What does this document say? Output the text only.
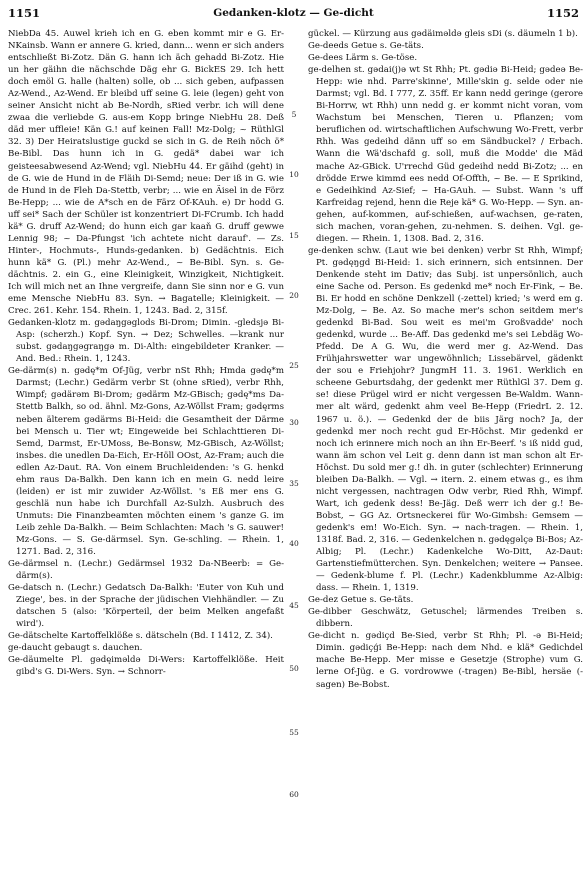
1151	Gedanken-klotz — Ge-dicht	1152

NiebDa 45. Auwel krieh ich en G. eben kommt mir e G. Er-NKainsb. Wann er annere G. kried, dann... wenn er sich anders entschließt Bi-Zotz. Dän G. hann ich äch gehadd Bi-Zotz. Hie un her gäihn die nächschde Däg ehr G. BickES 29. Ich hett doch emöl G. halle (halten) solle, ob ... sich geben, aufpassen Az-Wend., Az-Wend. Er bleibd uff seine G. leie (legen) geht von seiner Ansicht nicht ab Be-Nordh, sRied verbr. ich will dene zwaa die verliebde G. aus-em Kopp bringe NiebHu 28. Deß däd mer uffleie! Kän G.! auf keinen Fall! Mz-Dolg; ~ RüthlGl 32. 3) Der Heiratslustige guckd se sich in G. de Reih nöch ö* Be-Bibl. Das hunn ich in G. gedä* dabei war ich geisteesabwesend Az-Wend; vgl. NiebHu 44. Er gäihd (geht) in de G. wie de Hund in de Fläih Di-Semd; neue: Der iß in G. wie de Hund in de Fleh Da-Stettb, verbr; ... wie en Äisel in de Förz Be-Hepp; ... wie de A*sch en de Färz Of-KAuh. e) Dr hodd G. uff sei* Sach der Schüler ist konzentriert Di-FCrumb. Ich hadd kä* G. druff Az-Wend; do hunn eich gar kaaň G. druff gewwe Lennig 98; ~ Da-Pfungst 'ich achtete nicht darauf'. — Zs. Hinter-, Hochmuts-, Hunds-gedanken. b) Gedächtnis. Eich hunn kä* G. (Pl.) mehr Az-Wend., ~ Be-Bibl. Syn. s. Ge-dächtnis. 2. ein G., eine Kleinigkeit, Winzigkeit, Nichtigkeit. Ich will mich net an Ihne vergreife, dann Sie sinn nor e G. vun eme Mensche NiebHu 83. Syn. → Bagatelle; Kleinigkeit. — Crec. 261. Kehr. 154. Rhein. 1, 1243. Bad. 2, 315f.

Gedanken-klotz m. gədaŋgəglods Bi-Drom; Dimin. -gledsjə Bi-Asp: (scherzh.) Kopf. Syn. → Dez; Schwelles. —krank nur subst. gədaŋgəgraŋgə m. Di-Alth: eingebildeter Kranker. — And. Bed.: Rhein. 1, 1243.

Ge-därm(s) n. gədę*m Of-Jüg, verbr nSt Rhh; Hmda gədę*m Darmst; (Lechr.) Gedärm verbr St (ohne sRied), verbr Rhh, Wimpf; gədärəm Bi-Drom; gədärm Mz-GBisch; gədę*ms Da-Stettb Balkh, so od. ähnl. Mz-Gons, Az-Wöllst Fram; gədęrms neben älterem gədärms Bi-Heid: die Gesamtheit der Därme bei Mensch u. Tier wt; Eingeweide bei Schlachttieren Di-Semd, Darmst, Er-UMoss, Be-Bonsw, Mz-GBisch, Az-Wöllst; insbes. die unedlen Da-Eich, Er-Höll OOst, Az-Fram; auch die edlen Az-Daut. RA. Von einem Bruchleidenden: 's G. henkd ehm raus Da-Balkh. Den kann ich en mein G. nedd leire (leiden) er ist mir zuwider Az-Wöllst. 's Eß mer ens G. geschlä nun habe ich Durchfall Az-Sulzh. Ausbruch des Unmuts: Die Finanzbeamten möchten einem 's ganze G. im Leib zehle Da-Balkh. — Beim Schlachten: Mach 's G. sauwer! Mz-Gons. — S. Ge-därmsel. Syn. Ge-schling. — Rhein. 1, 1271. Bad. 2, 316.

Ge-därmsel n. (Lechr.) Gedärmsel 1932 Da-NBeerb: = Ge-därm(s).

Ge-datsch n. (Lechr.) Gedatsch Da-Balkh: 'Euter von Kuh und Ziege', bes. in der Sprache der jüdischen Viehhändler. — Zu datschen 5 (also: 'Körperteil, der beim Melken angefaßt wird').

Ge-dätschelte Kartoffelklöße s. dätscheln (Bd. I 1412, Z. 34).

ge-daucht gebaugt s. dauchen.

Ge-däumelte Pl. gədęiməldə Di-Wers: Kartoffelklöße. Heit gibd's G. Di-Wers. Syn. → Schnorr-

5
10
15
20
25
30
35
40
45
50
55
60

gückel. — Kürzung aus gədäiməldə gleis sDi (s. däumeln 1 b).

Ge-deeds Getue s. Ge-täts.

Ge-dees Lärm s. Ge-töse.

ge-delhen st. gədai(j)ə wt St Rhh; Pt. gədiə Bi-Heid; gədeə Be-Hepp: wie nhd. Parre'skinne', Mille'skin g. selde oder nie Darmst; vgl. Bd. I 777, Z. 35ff. Er kann nedd geringe (gerore Bi-Horrw, wt Rhh) unn nedd g. er kommt nicht voran, vom Wachstum bei Menschen, Tieren u. Pflanzen; vom beruflichen od. wirtschaftlichen Aufschwung Wo-Frett, verbr Rhh. Was gedeihd dänn uff so em Sändbuckel? / Erbach. Wann die Wä'dschafd g. soll, muß die Modde' die Mäd mache Az-GBick. U'rrechd Güd gedeihd nedd Bi-Zotz; ... en drödde Erwe kimmd ees nedd Of-Offth, ~ Be. — E Sprikind, e Gedeihkind Az-Sief; ~ Ha-GAuh. — Subst. Wann 's uff Karfreidag rejend, henn die Reje kä* G. Wo-Hepp. — Syn. an-gehen, auf-kommen, auf-schießen, auf-wachsen, ge-raten, sich machen, voran-gehen, zu-nehmen. S. deihen. Vgl. ge-diegen. — Rhein. 1, 1308. Bad. 2, 316.

ge-denken schw. (Laut wie bei denken) verbr St Rhh, Wimpf; Pt. gədęŋgd Bi-Heid: 1. sich erinnern, sich entsinnen. Der Denkende steht im Dativ; das Subj. ist unpersönlich, auch eine Sache od. Person. Es gedenkd me* noch Er-Fink, ~ Be. Bi. Er hodd en schöne Denkzell (-zettel) kried; 's werd em g. Mz-Dolg, ~ Be. Az. So mache mer's schon seitdem mer's gedenkd Bi-Bad. Sou weit es mei'm Großvadde' noch gedenkd, wurde ... Be-Aff. Das gedenkd me's sei Lebdäg Wo-Pfedd. De A G. Wu, die werd mer g. Az-Wend. Das Frühjahrswetter war ungewöhnlich; Lissebärvel, gädenkt der sou e Friehjohr? JungmH 11. 3. 1961. Werklich en scheene Geburtsdahg, der gedenkt mer RüthlGl 37. Dem g. se! diese Prügel wird er nicht vergessen Be-Waldm. Wann-mer alt wärd, gedenkt ahm veel Be-Hepp (FriedrL 2. 12. 1967 u. ö.). — Gedenkd der de biis Järg noch? Ja, der gedenkd mer noch recht gud Er-Höchst. Mir gedenkd er noch ich erinnere mich noch an ihn Er-Beerf. 's iß nidd gud, wann äm schon vel Leit g. denn dann ist man schon alt Er-Höchst. Du sold mer g.! dh. in guter (schlechter) Erinnerung bleiben Da-Balkh. — Vgl. → itern. 2. einem etwas g., es ihm nicht vergessen, nachtragen Odw verbr, Ried Rhh, Wimpf. Wart, ich gedenk dess! Be-Jäg. Deß werr ich der g.! Be-Bobst, ~ GG Az. Ortsneckerei für Wo-Gimbsh: Gemsem — gedenk's em! Wo-Eich. Syn. → nach-tragen. — Rhein. 1, 1318f. Bad. 2, 316. — Gedenkelchen n. gədęgəlçə Bi-Bos; Az-Albig; Pl. (Lechr.) Kadenkelche Wo-Ditt, Az-Daut: Gartenstiefmütterchen. Syn. Denkelchen; weitere → Pansee. — Gedenk-blume f. Pl. (Lechr.) Kadenkblumme Az-Albig: dass. — Rhein. 1, 1319.

Ge-dez Getue s. Ge-täts.

Ge-dibber Geschwätz, Getuschel; lärmendes Treiben s. dibbern.

Ge-dicht n. gədiçd Be-Sied, verbr St Rhh; Pl. -ə Bi-Heid; Dimin. gədiçǵi Be-Hepp: nach dem Nhd. e klä* Gedichdel mache Be-Hepp. Mer misse e Gesetzje (Strophe) vum G. lerne Of-Jüg. e G. vordrowwe (-tragen) Be-Bibl, hersäe (-sagen) Be-Bobst.
